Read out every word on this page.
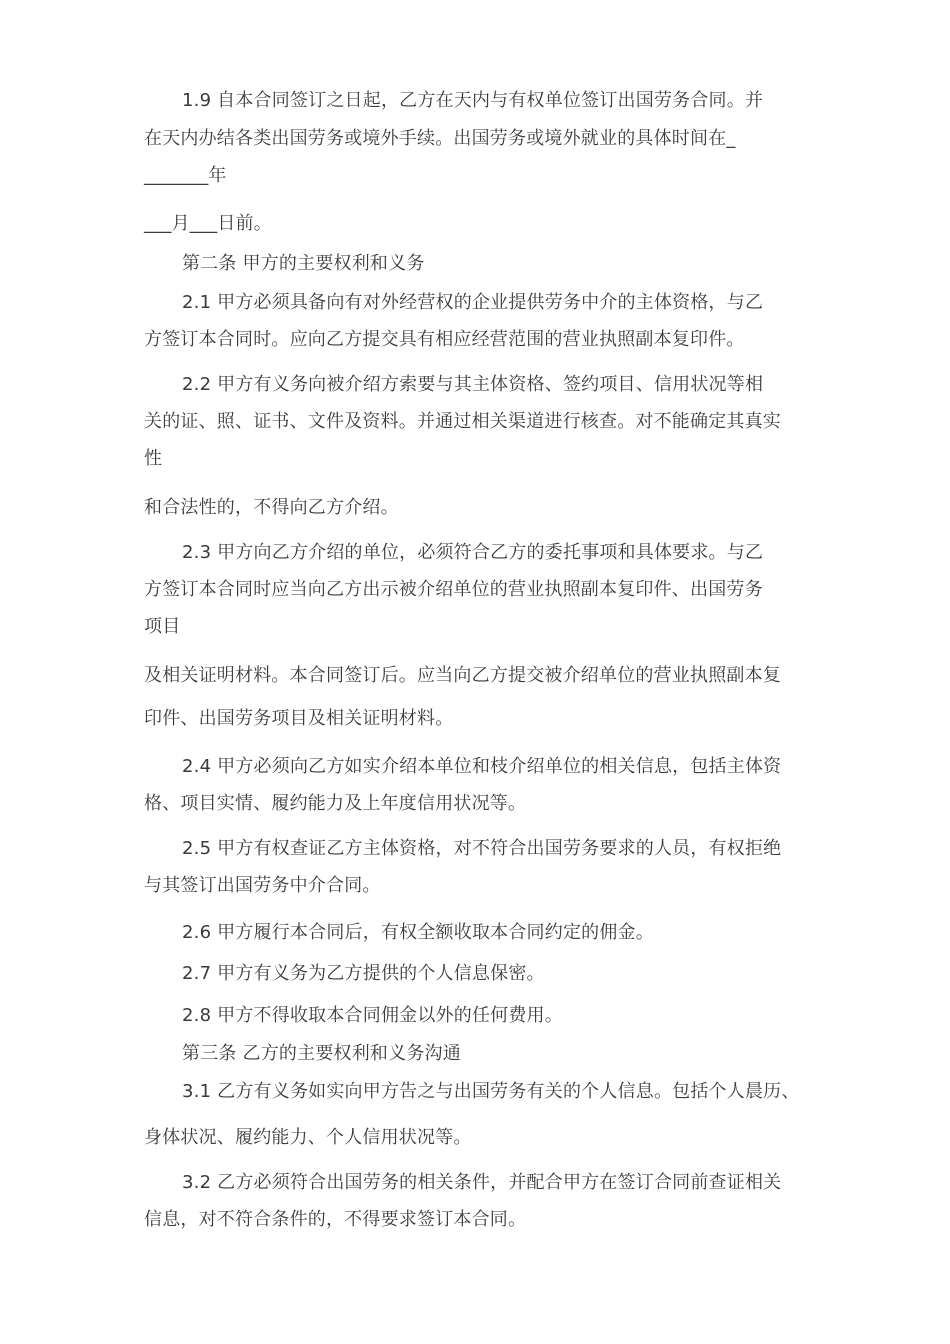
1.9 自本合同签订之日起，乙方在天内与有权单位签订出国劳务合同。并
在天内办结各类出国劳务或境外手续。出国劳务或境外就业的具体时间在_
_______年
___月___日前。
第二条 甲方的主要权利和义务
2.1 甲方必须具备向有对外经营权的企业提供劳务中介的主体资格，与乙
方签订本合同时。应向乙方提交具有相应经营范围的营业执照副本复印件。
2.2 甲方有义务向被介绍方索要与其主体资格、签约项目、信用状况等相
关的证、照、证书、文件及资料。并通过相关渠道进行核查。对不能确定其真实
性
和合法性的，不得向乙方介绍。
2.3 甲方向乙方介绍的单位，必须符合乙方的委托事项和具体要求。与乙
方签订本合同时应当向乙方出示被介绍单位的营业执照副本复印件、出国劳务
项目
及相关证明材料。本合同签订后。应当向乙方提交被介绍单位的营业执照副本复
印件、出国劳务项目及相关证明材料。
2.4 甲方必须向乙方如实介绍本单位和枝介绍单位的相关信息，包括主体资
格、项目实情、履约能力及上年度信用状况等。
2.5 甲方有权查证乙方主体资格，对不符合出国劳务要求的人员，有权拒绝
与其签订出国劳务中介合同。
2.6 甲方履行本合同后，有权全额收取本合同约定的佣金。
2.7 甲方有义务为乙方提供的个人信息保密。
2.8 甲方不得收取本合同佣金以外的任何费用。
第三条 乙方的主要权利和义务沟通
3.1 乙方有义务如实向甲方告之与出国劳务有关的个人信息。包括个人晨历、
身体状况、履约能力、个人信用状况等。
3.2 乙方必须符合出国劳务的相关条件，并配合甲方在签订合同前查证相关
信息，对不符合条件的，不得要求签订本合同。
